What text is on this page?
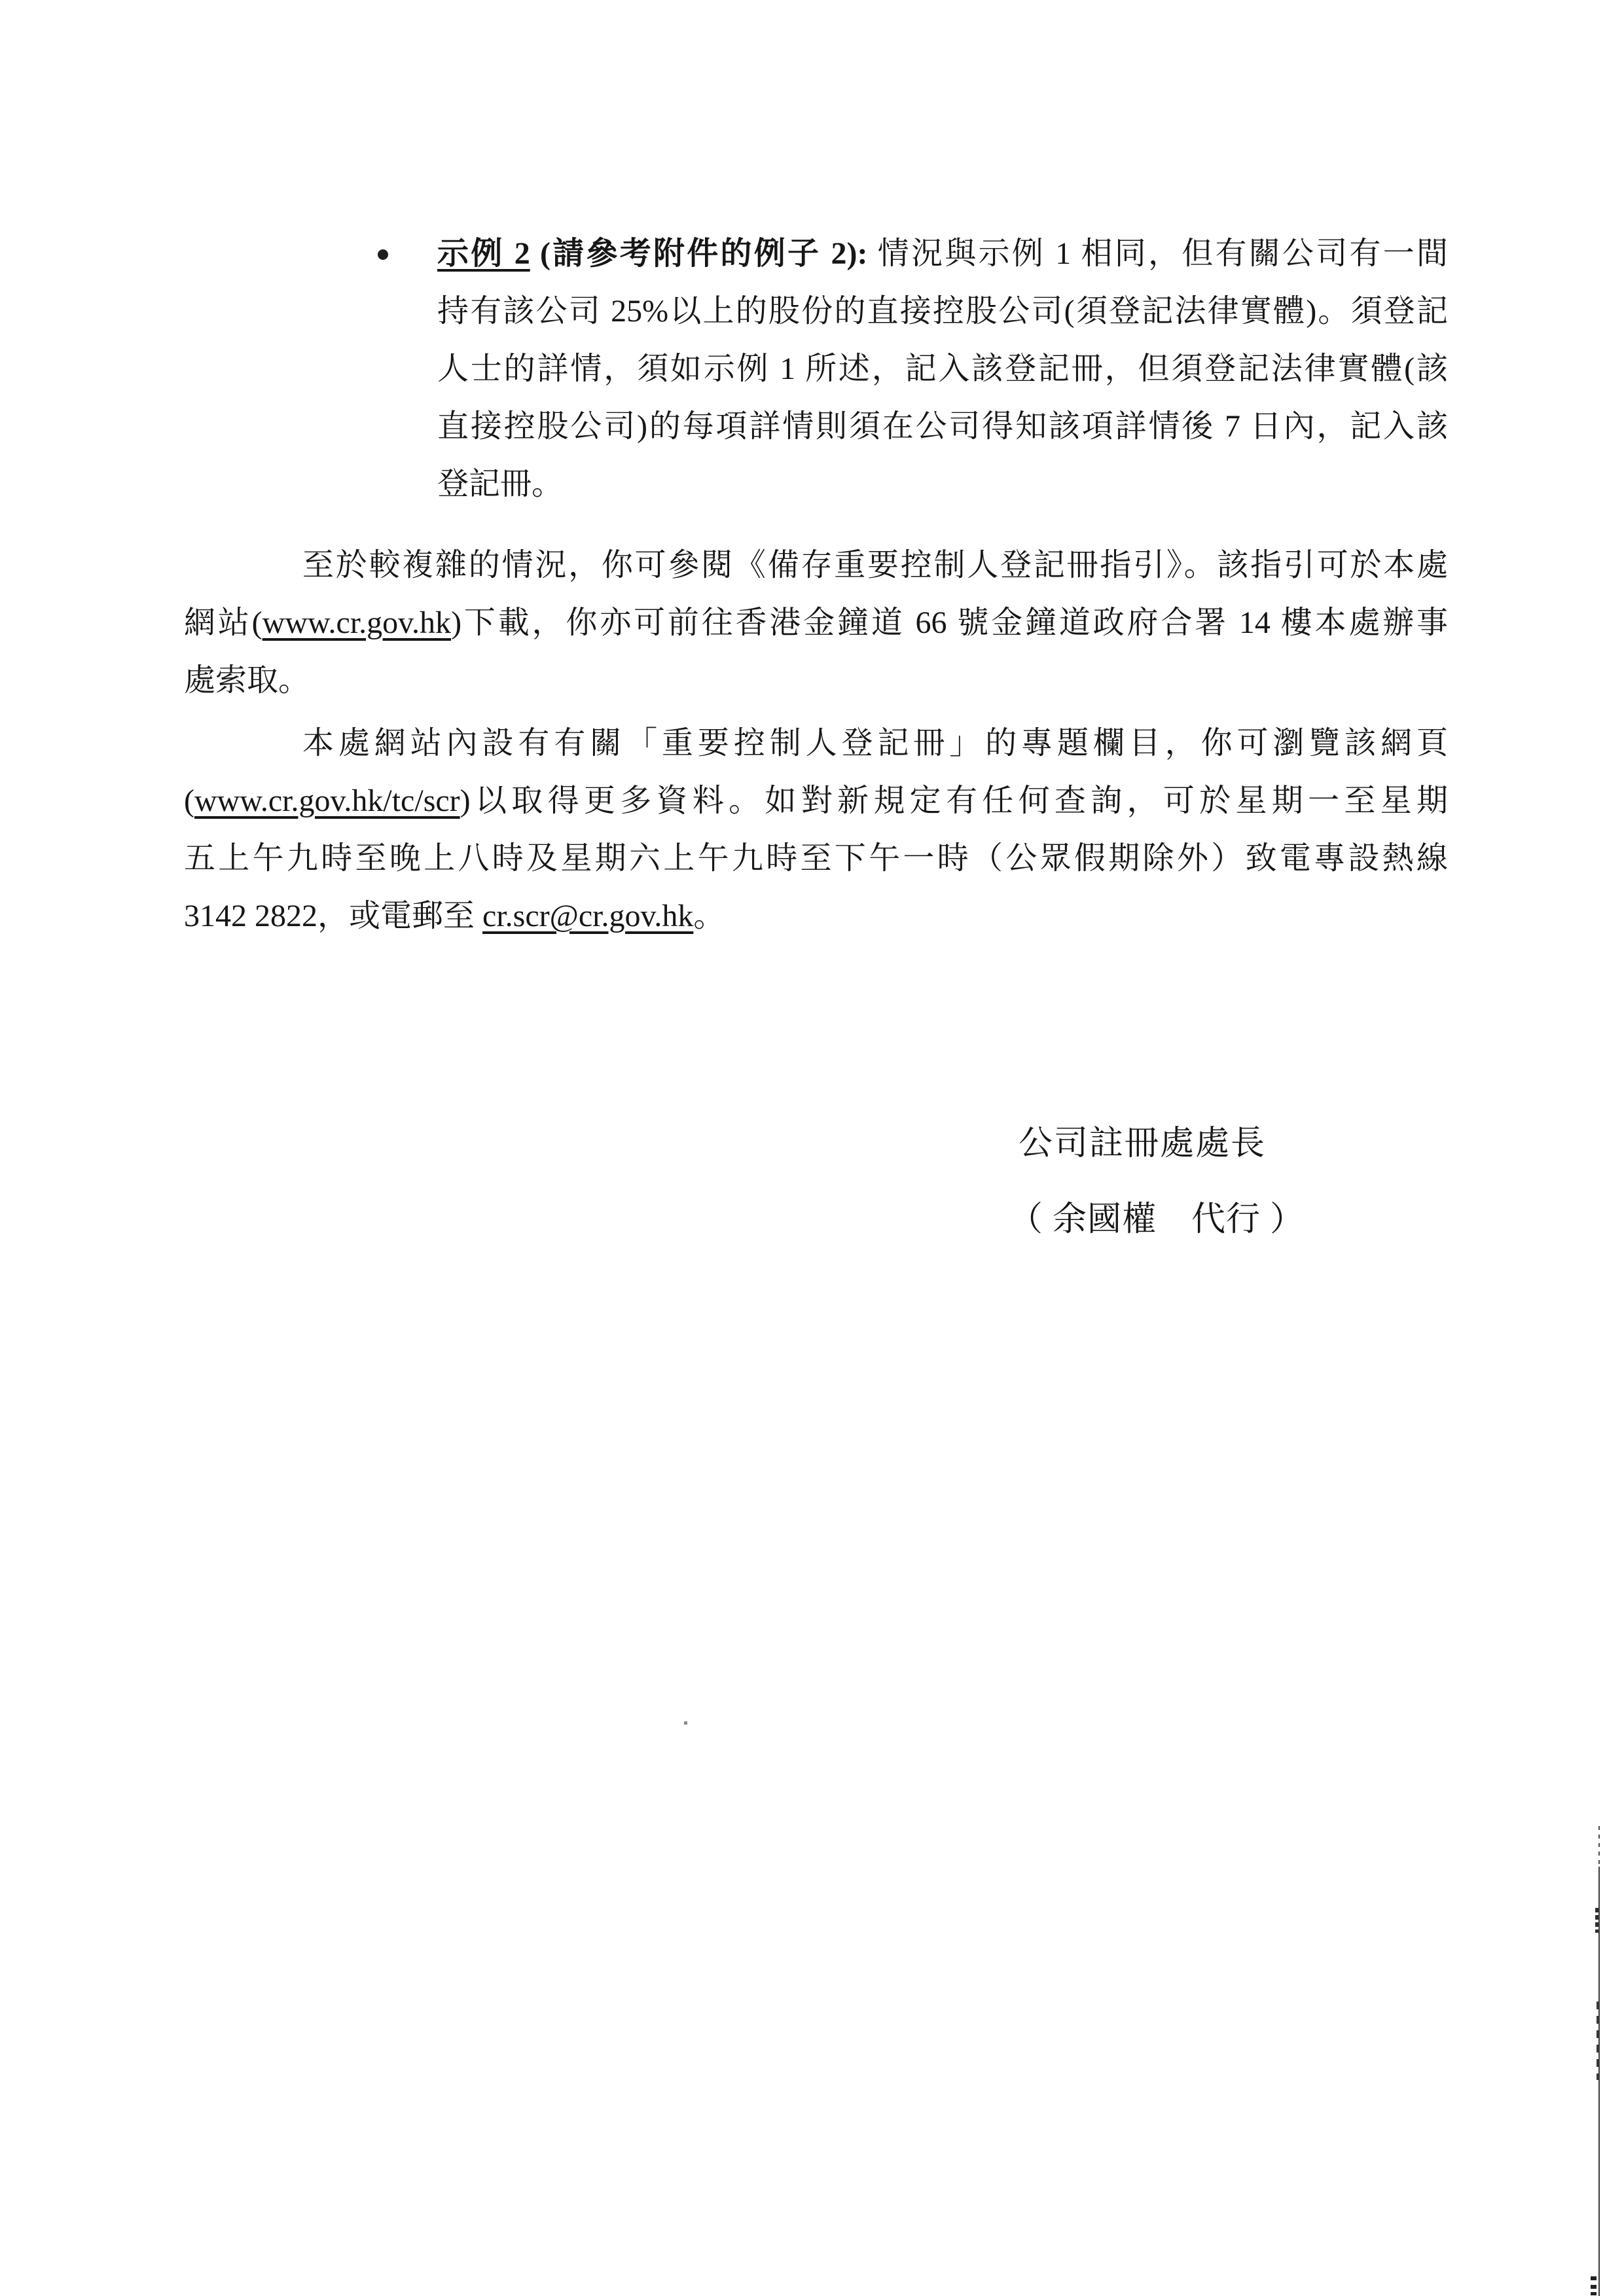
示例 2 (請參考附件的例子 2): 情況與示例 1 相同，但有關公司有一間
持有該公司 25%以上的股份的直接控股公司(須登記法律實體)。須登記
人士的詳情，須如示例 1 所述，記入該登記冊，但須登記法律實體(該
直接控股公司)的每項詳情則須在公司得知該項詳情後 7 日內，記入該
登記冊。
至於較複雜的情況，你可參閱《備存重要控制人登記冊指引》。該指引可於本處
網站(www.cr.gov.hk)下載，你亦可前往香港金鐘道 66 號金鐘道政府合署 14 樓本處辦事
處索取。
本處網站內設有有關「重要控制人登記冊」的專題欄目，你可瀏覽該網頁
(www.cr.gov.hk/tc/scr)以取得更多資料。如對新規定有任何查詢，可於星期一至星期
五上午九時至晚上八時及星期六上午九時至下午一時（公眾假期除外）致電專設熱線
3142 2822，或電郵至 cr.scr@cr.gov.hk。
公司註冊處處長
（ 余國權　代行 ）
